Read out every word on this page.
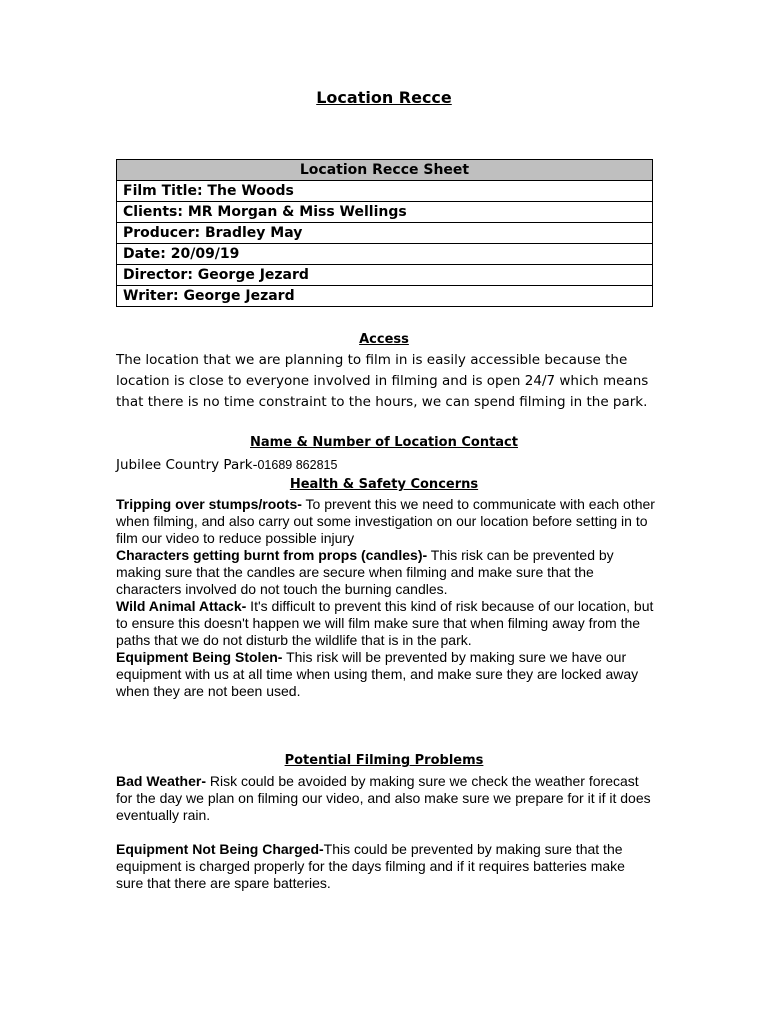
Location Recce
Location Recce Sheet
Film Title: The Woods
Clients: MR Morgan & Miss Wellings
Producer: Bradley May
Date: 20/09/19
Director: George Jezard
Writer: George Jezard
Access
The location that we are planning to film in is easily accessible because the location is close to everyone involved in filming and is open 24/7 which means that there is no time constraint to the hours, we can spend filming in the park.
Name & Number of Location Contact
Jubilee Country Park-01689 862815
Health & Safety Concerns

Tripping over stumps/roots- To prevent this we need to communicate with each other when filming, and also carry out some investigation on our location before setting in to film our video to reduce possible injury

Characters getting burnt from props (candles)- This risk can be prevented by making sure that the candles are secure when filming and make sure that the characters involved do not touch the burning candles.

Wild Animal Attack- It's difficult to prevent this kind of risk because of our location, but to ensure this doesn't happen we will film make sure that when filming away from the paths that we do not disturb the wildlife that is in the park.

Equipment Being Stolen- This risk will be prevented by making sure we have our equipment with us at all time when using them, and make sure they are locked away when they are not been used.

Potential Filming Problems

Bad Weather- Risk could be avoided by making sure we check the weather forecast for the day we plan on filming our video, and also make sure we prepare for it if it does eventually rain.

Equipment Not Being Charged-This could be prevented by making sure that the equipment is charged properly for the days filming and if it requires batteries make sure that there are spare batteries.
